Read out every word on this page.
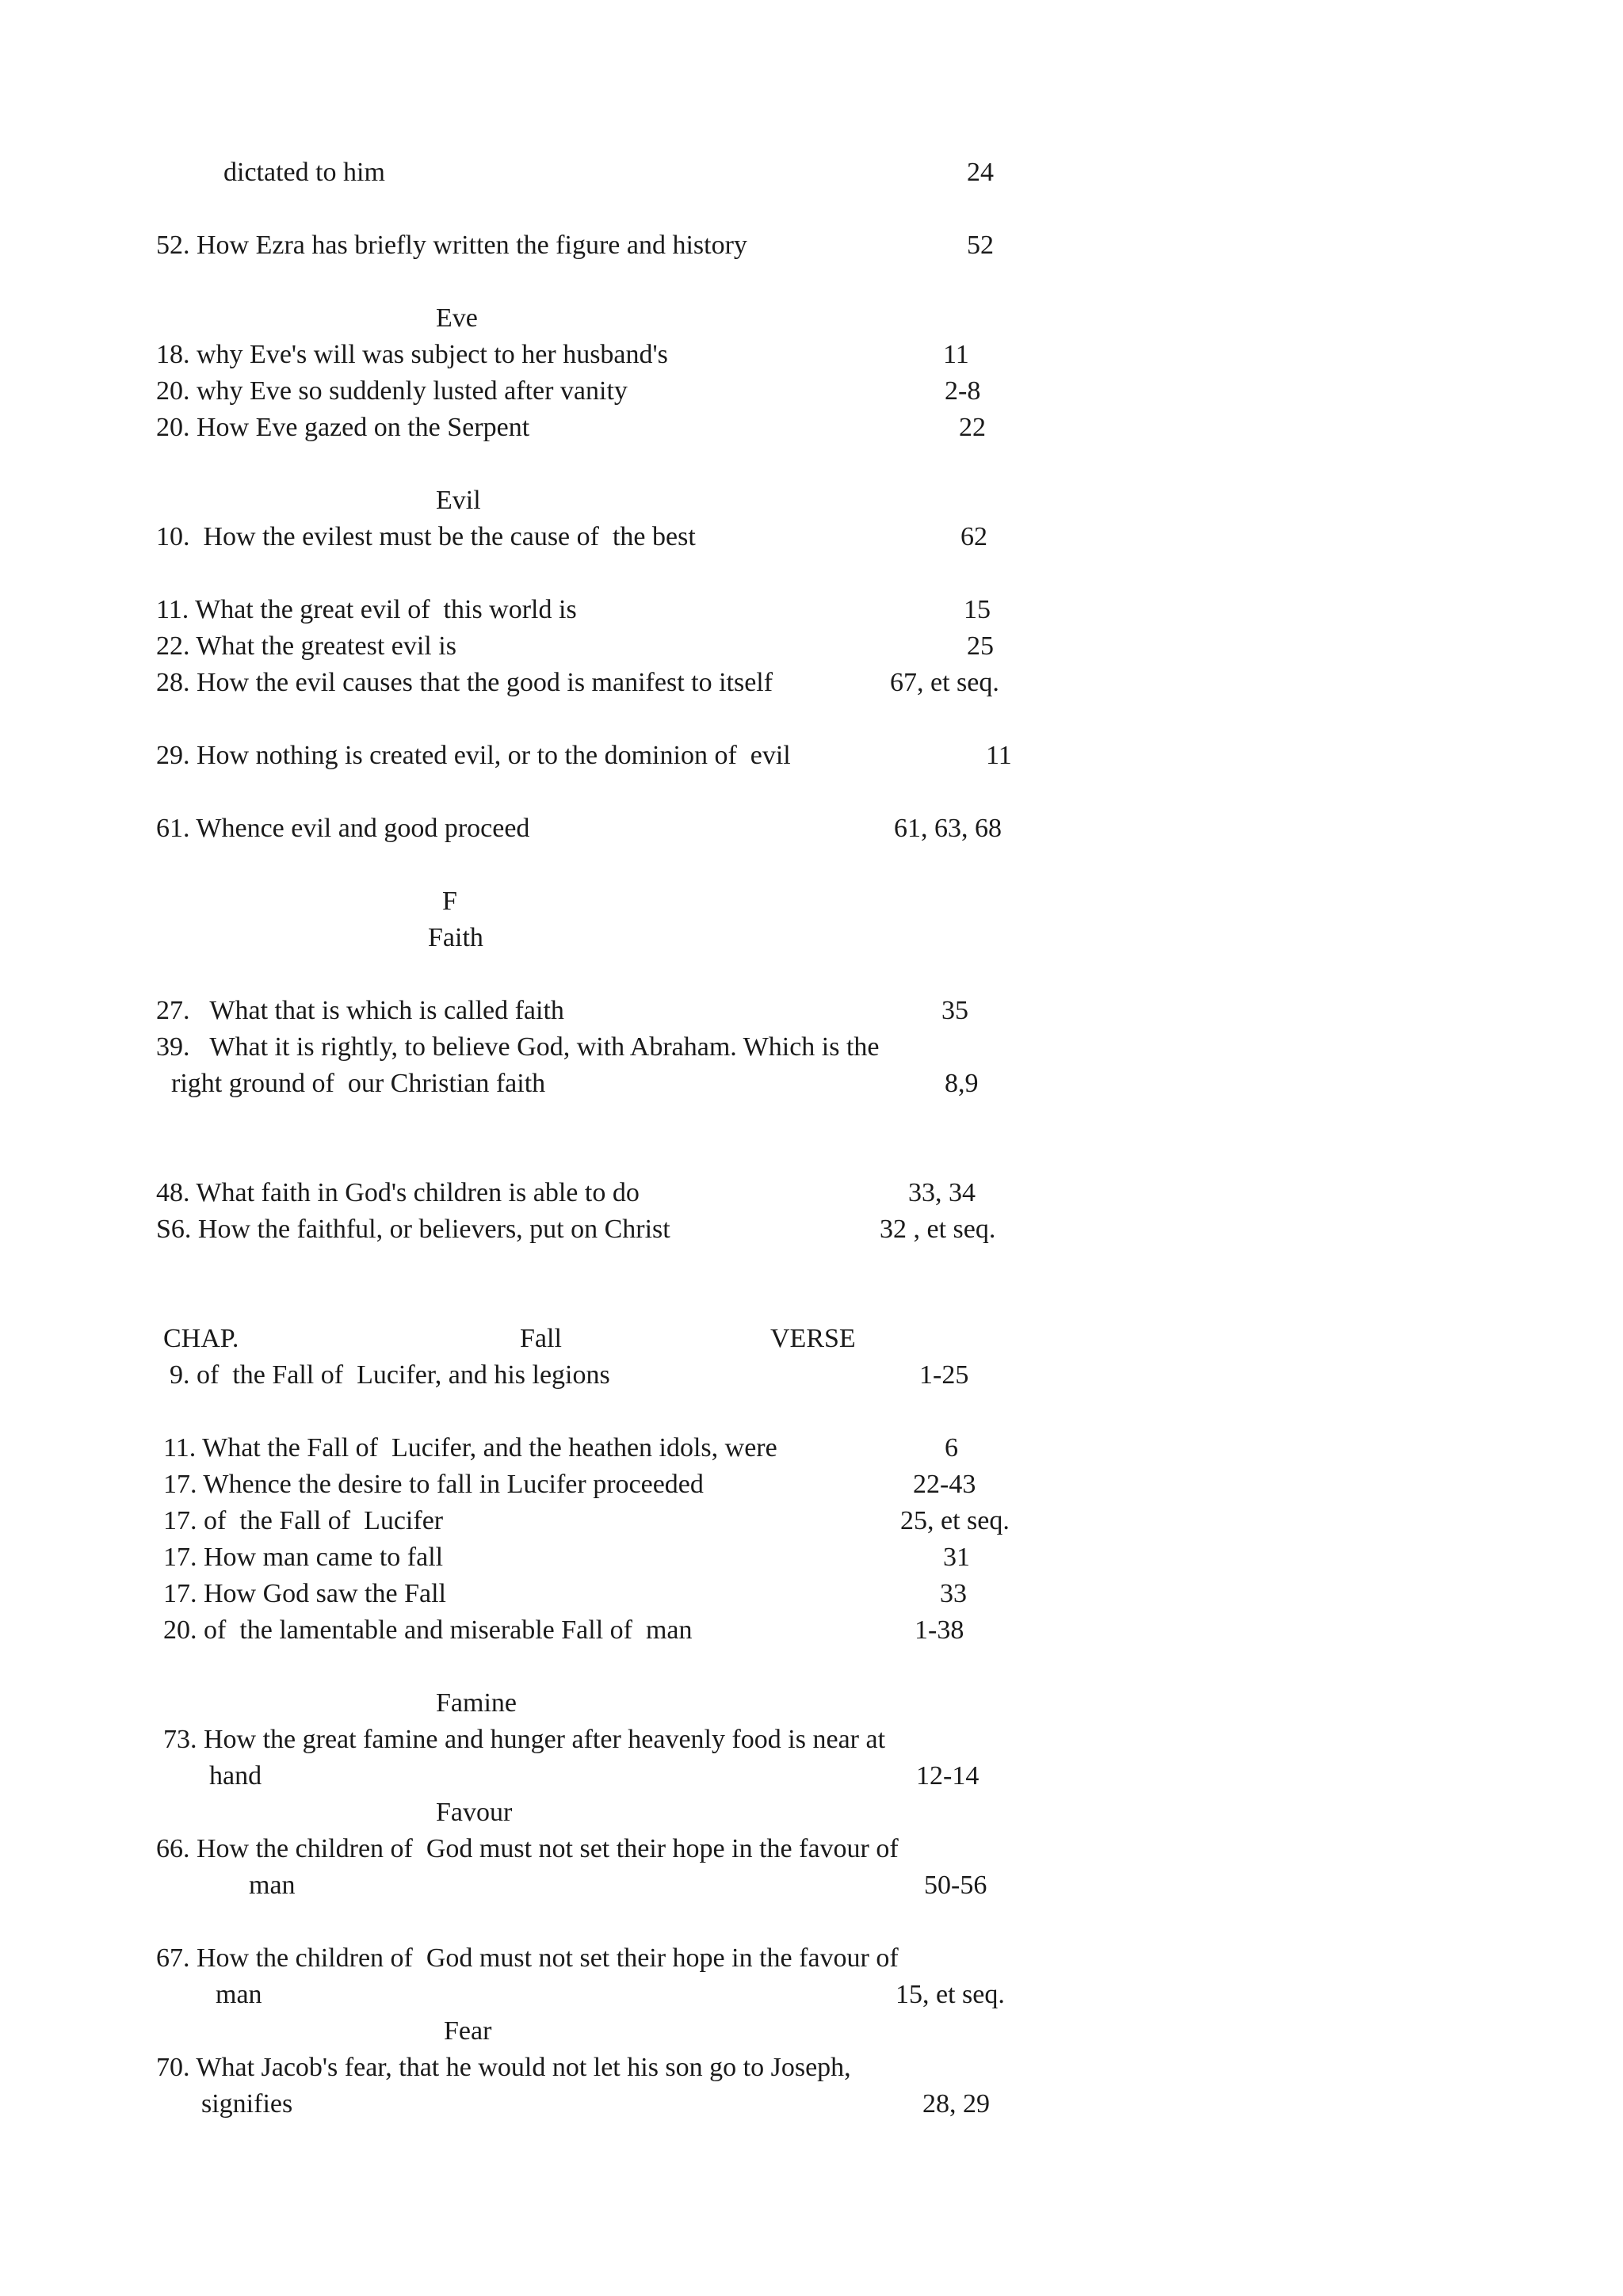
dictated to him	24

52. How Ezra has briefly written the figure and history	52

Eve

18. why Eve's will was subject to her husband's	11

20. why Eve so suddenly lusted after vanity	2-8

20. How Eve gazed on the Serpent	22

Evil

10.  How the evilest must be the cause of  the best	62

11. What the great evil of  this world is	15

22. What the greatest evil is	25

28. How the evil causes that the good is manifest to itself	67, et seq.

29. How nothing is created evil, or to the dominion of  evil	11

61. Whence evil and good proceed	61, 63, 68

F

Faith

27.   What that is which is called faith	35

39.   What it is rightly, to believe God, with Abraham. Which is the

right ground of  our Christian faith	8,9

48. What faith in God's children is able to do	33, 34

S6. How the faithful, or believers, put on Christ	32 , et seq.

CHAP.	Fall	VERSE

9. of  the Fall of  Lucifer, and his legions	1-25

11. What the Fall of  Lucifer, and the heathen idols, were	6

17. Whence the desire to fall in Lucifer proceeded	22-43

17. of  the Fall of  Lucifer	25, et seq.

17. How man came to fall	31

17. How God saw the Fall	33

20. of  the lamentable and miserable Fall of  man	1-38

Famine

73. How the great famine and hunger after heavenly food is near at

hand	12-14

Favour

66. How the children of  God must not set their hope in the favour of

man	50-56

67. How the children of  God must not set their hope in the favour of

man	15, et seq.

Fear

70. What Jacob's fear, that he would not let his son go to Joseph,

signifies	28, 29
